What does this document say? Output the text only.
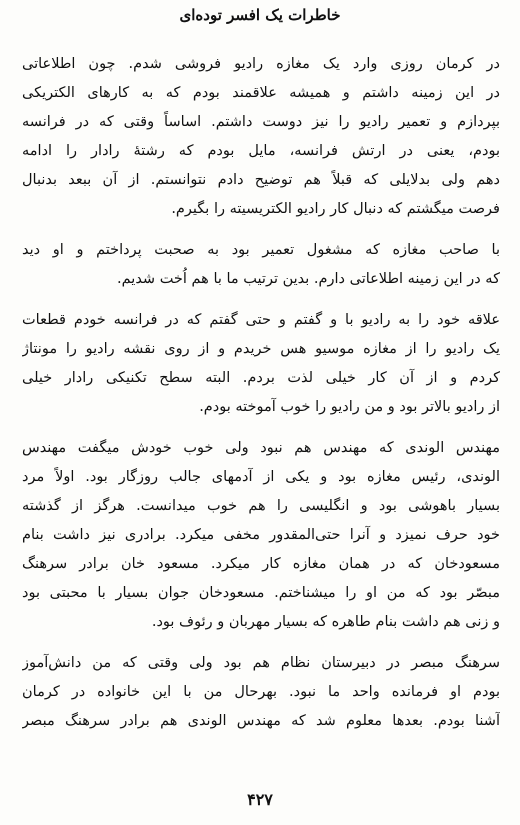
خاطرات یک افسر توده‌ای
در کرمان روزی وارد یک مغازه رادیو فروشی شدم. چون اطلاعاتی
در این زمینه داشتم و همیشه علاقمند بودم که به کارهای الکتریکی
بپردازم و تعمیر رادیو را نیز دوست داشتم. اساساً وقتی که در فرانسه
بودم، یعنی در ارتش فرانسه، مایل بودم که رشتهٔ رادار را ادامه
دهم ولی بدلایلی که قبلاً هم توضیح دادم نتوانستم. از آن ببعد بدنبال
فرصت میگشتم که دنبال کار رادیو الکتریسیته را بگیرم.
با صاحب مغازه که مشغول تعمیر بود به صحبت پرداختم و او دید
که در این زمینه اطلاعاتی دارم. بدین ترتیب ما با هم اُخت شدیم.
علاقه خود را به رادیو با و گفتم و حتی گفتم که در فرانسه خودم قطعات
یک رادیو را از مغازه موسیو هس خریدم و از روی نقشه رادیو را مونتاژ
کردم و از آن کار خیلی لذت بردم. البته سطح تکنیکی رادار خیلی
از رادیو بالاتر بود و من رادیو را خوب آموخته بودم.
مهندس الوندی که مهندس هم نبود ولی خوب خودش میگفت مهندس
الوندی، رئیس مغازه بود و یکی از آدمهای جالب روزگار بود. اولاً مرد
بسیار باهوشی بود و انگلیسی را هم خوب میدانست. هرگز از گذشته
خود حرف نمیزد و آنرا حتی‌المقدور مخفی میکرد. برادری نیز داشت بنام
مسعودخان که در همان مغازه کار میکرد. مسعود خان برادر سرهنگ
مبصّر بود که من او را میشناختم. مسعودخان جوان بسیار با محبتی بود
و زنی هم داشت بنام طاهره که بسیار مهربان و رئوف بود.
سرهنگ مبصر در دبیرستان نظام هم بود ولی وقتی که من دانش‌آموز
بودم او فرمانده واحد ما نبود. بهرحال من با این خانواده در کرمان
آشنا بودم. بعدها معلوم شد که مهندس الوندی هم برادر سرهنگ مبصر
۴۲۷
